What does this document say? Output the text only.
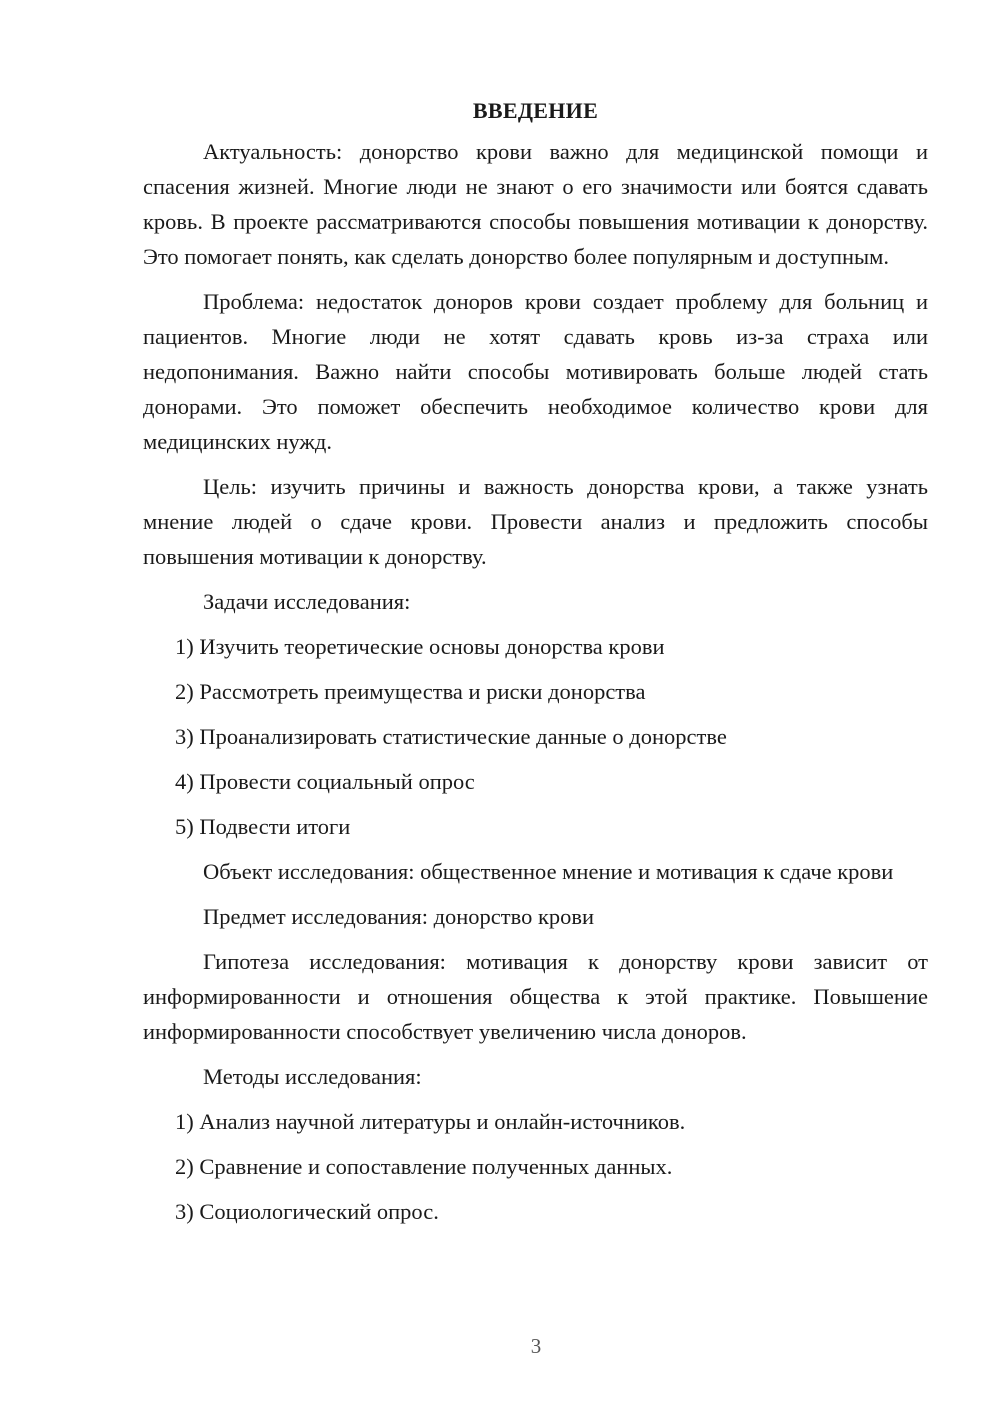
ВВЕДЕНИЕ

Актуальность: донорство крови важно для медицинской помощи и спасения жизней. Многие люди не знают о его значимости или боятся сдавать кровь. В проекте рассматриваются способы повышения мотивации к донорству. Это помогает понять, как сделать донорство более популярным и доступным.

Проблема: недостаток доноров крови создает проблему для больниц и пациентов. Многие люди не хотят сдавать кровь из-за страха или недопонимания. Важно найти способы мотивировать больше людей стать донорами. Это поможет обеспечить необходимое количество крови для медицинских нужд.

Цель: изучить причины и важность донорства крови, а также узнать мнение людей о сдаче крови. Провести анализ и предложить способы повышения мотивации к донорству.

Задачи исследования:

1) Изучить теоретические основы донорства крови

2) Рассмотреть преимущества и риски донорства

3) Проанализировать статистические данные о донорстве

4) Провести социальный опрос

5) Подвести итоги

Объект исследования: общественное мнение и мотивация к сдаче крови

Предмет исследования: донорство крови

Гипотеза исследования: мотивация к донорству крови зависит от информированности и отношения общества к этой практике. Повышение информированности способствует увеличению числа доноров.

Методы исследования:

1) Анализ научной литературы и онлайн-источников.

2) Сравнение и сопоставление полученных данных.

3) Социологический опрос.

3
